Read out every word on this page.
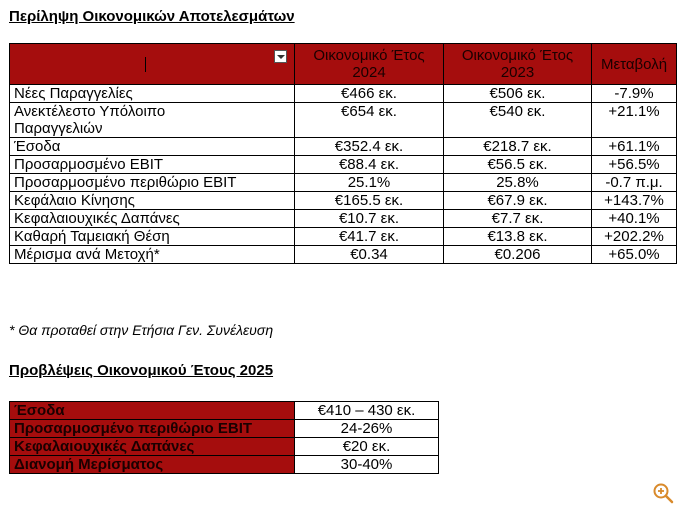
Περίληψη Οικονομικών Αποτελεσμάτων
	Οικονομικό Έτος 2024	Οικονομικό Έτος 2023	Μεταβολή
Νέες Παραγγελίες	€466 εκ.	€506 εκ.	-7.9%
Ανεκτέλεστο Υπόλοιπο Παραγγελιών	€654 εκ.	€540 εκ.	+21.1%
Έσοδα	€352.4 εκ.	€218.7 εκ.	+61.1%
Προσαρμοσμένο EBIT	€88.4 εκ.	€56.5 εκ.	+56.5%
Προσαρμοσμένο περιθώριο EBIT	25.1%	25.8%	-0.7 π.μ.
Κεφάλαιο Κίνησης	€165.5 εκ.	€67.9 εκ.	+143.7%
Κεφαλαιουχικές Δαπάνες	€10.7 εκ.	€7.7 εκ.	+40.1%
Καθαρή Ταμειακή Θέση	€41.7 εκ.	€13.8 εκ.	+202.2%
Μέρισμα ανά Μετοχή*	€0.34	€0.206	+65.0%
* Θα προταθεί στην Ετήσια Γεν. Συνέλευση
Προβλέψεις Οικονομικού Έτους 2025
Έσοδα	€410 – 430 εκ.
Προσαρμοσμένο περιθώριο EBIT	24-26%
Κεφαλαιουχικές Δαπάνες	€20 εκ.
Διανομή Μερίσματος	30-40%
